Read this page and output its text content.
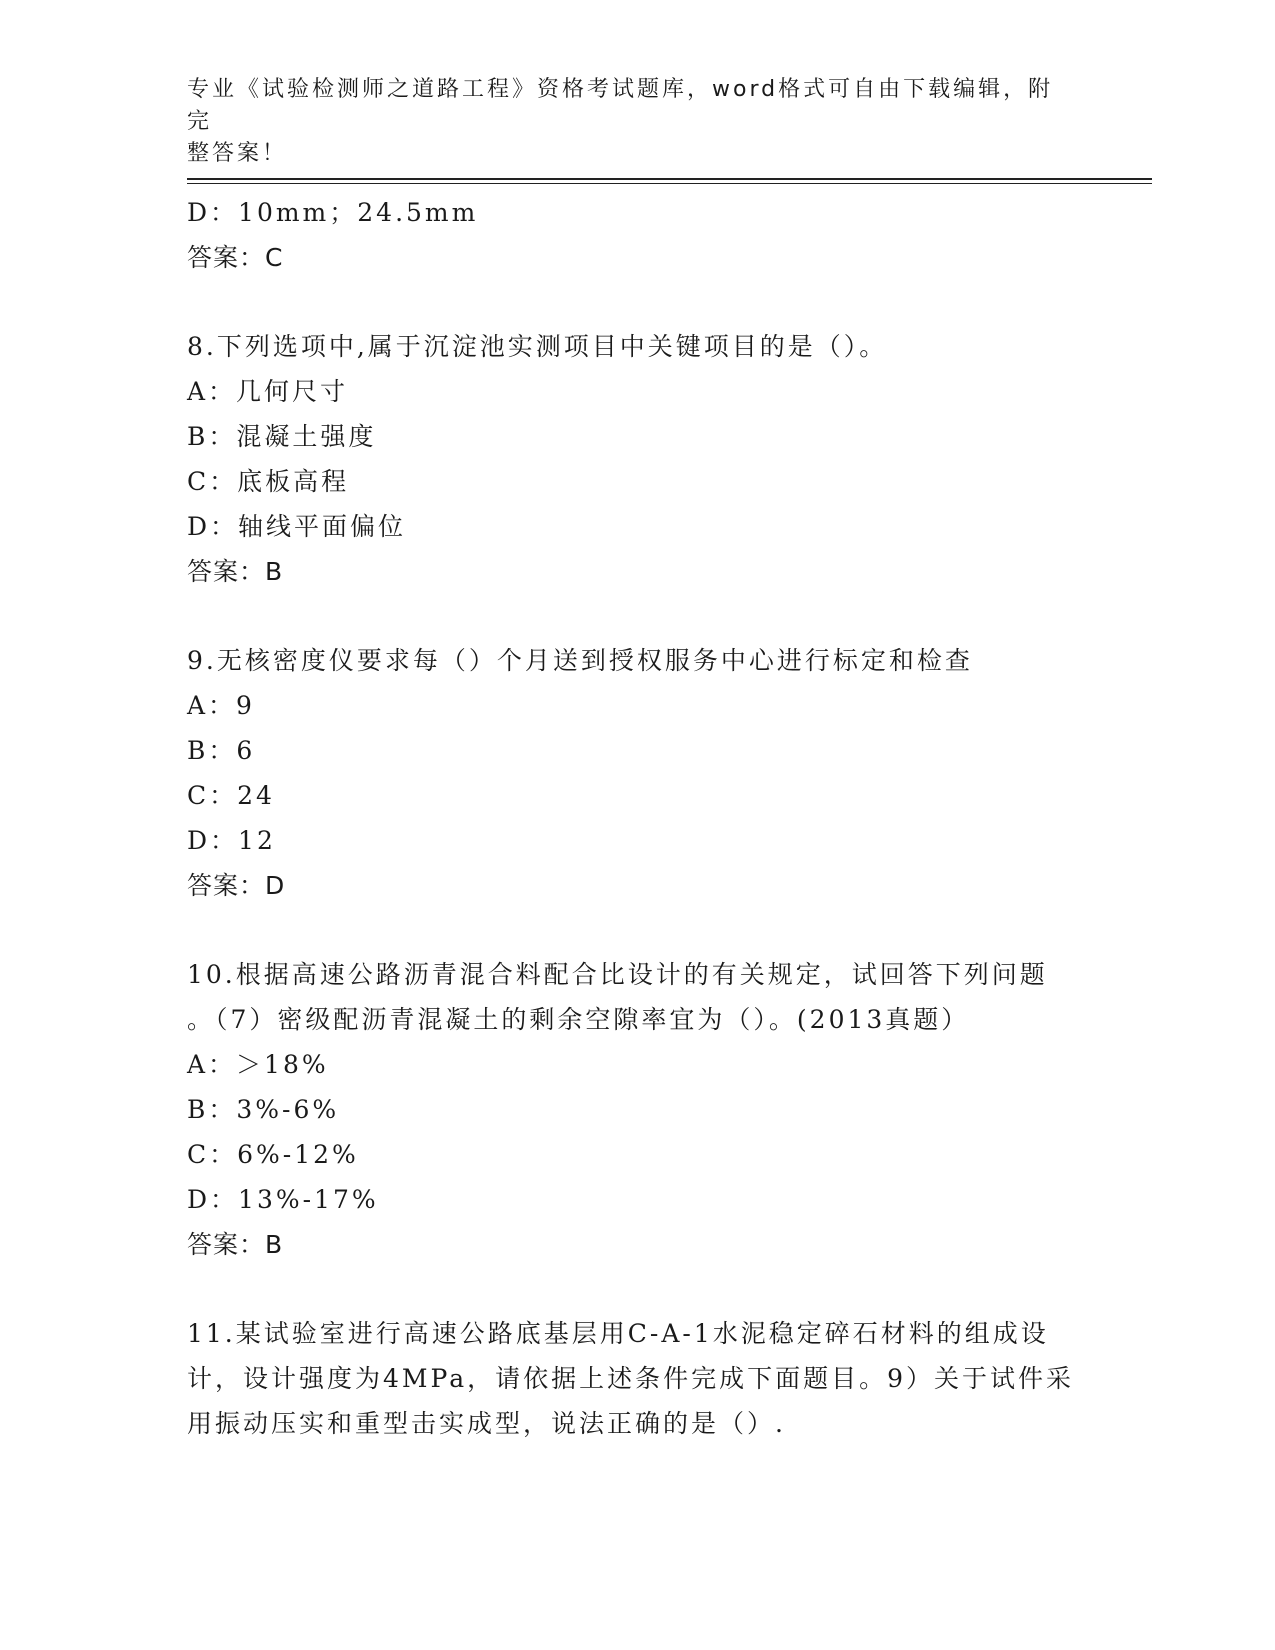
专业《试验检测师之道路工程》资格考试题库，word格式可自由下载编辑，附完
整答案！
D：10mm；24.5mm
答案：C
8.下列选项中,属于沉淀池实测项目中关键项目的是（）。
A：几何尺寸
B：混凝土强度
C：底板高程
D：轴线平面偏位
答案：B
9.无核密度仪要求每（）个月送到授权服务中心进行标定和检查
A：9
B：6
C：24
D：12
答案：D
10.根据高速公路沥青混合料配合比设计的有关规定，试回答下列问题
。（7）密级配沥青混凝土的剩余空隙率宜为（）。(2013真题）
A：＞18%
B：3%-6%
C：6%-12%
D：13%-17%
答案：B
11.某试验室进行高速公路底基层用C-A-1水泥稳定碎石材料的组成设
计，设计强度为4MPa，请依据上述条件完成下面题目。9）关于试件采
用振动压实和重型击实成型，说法正确的是（）.
